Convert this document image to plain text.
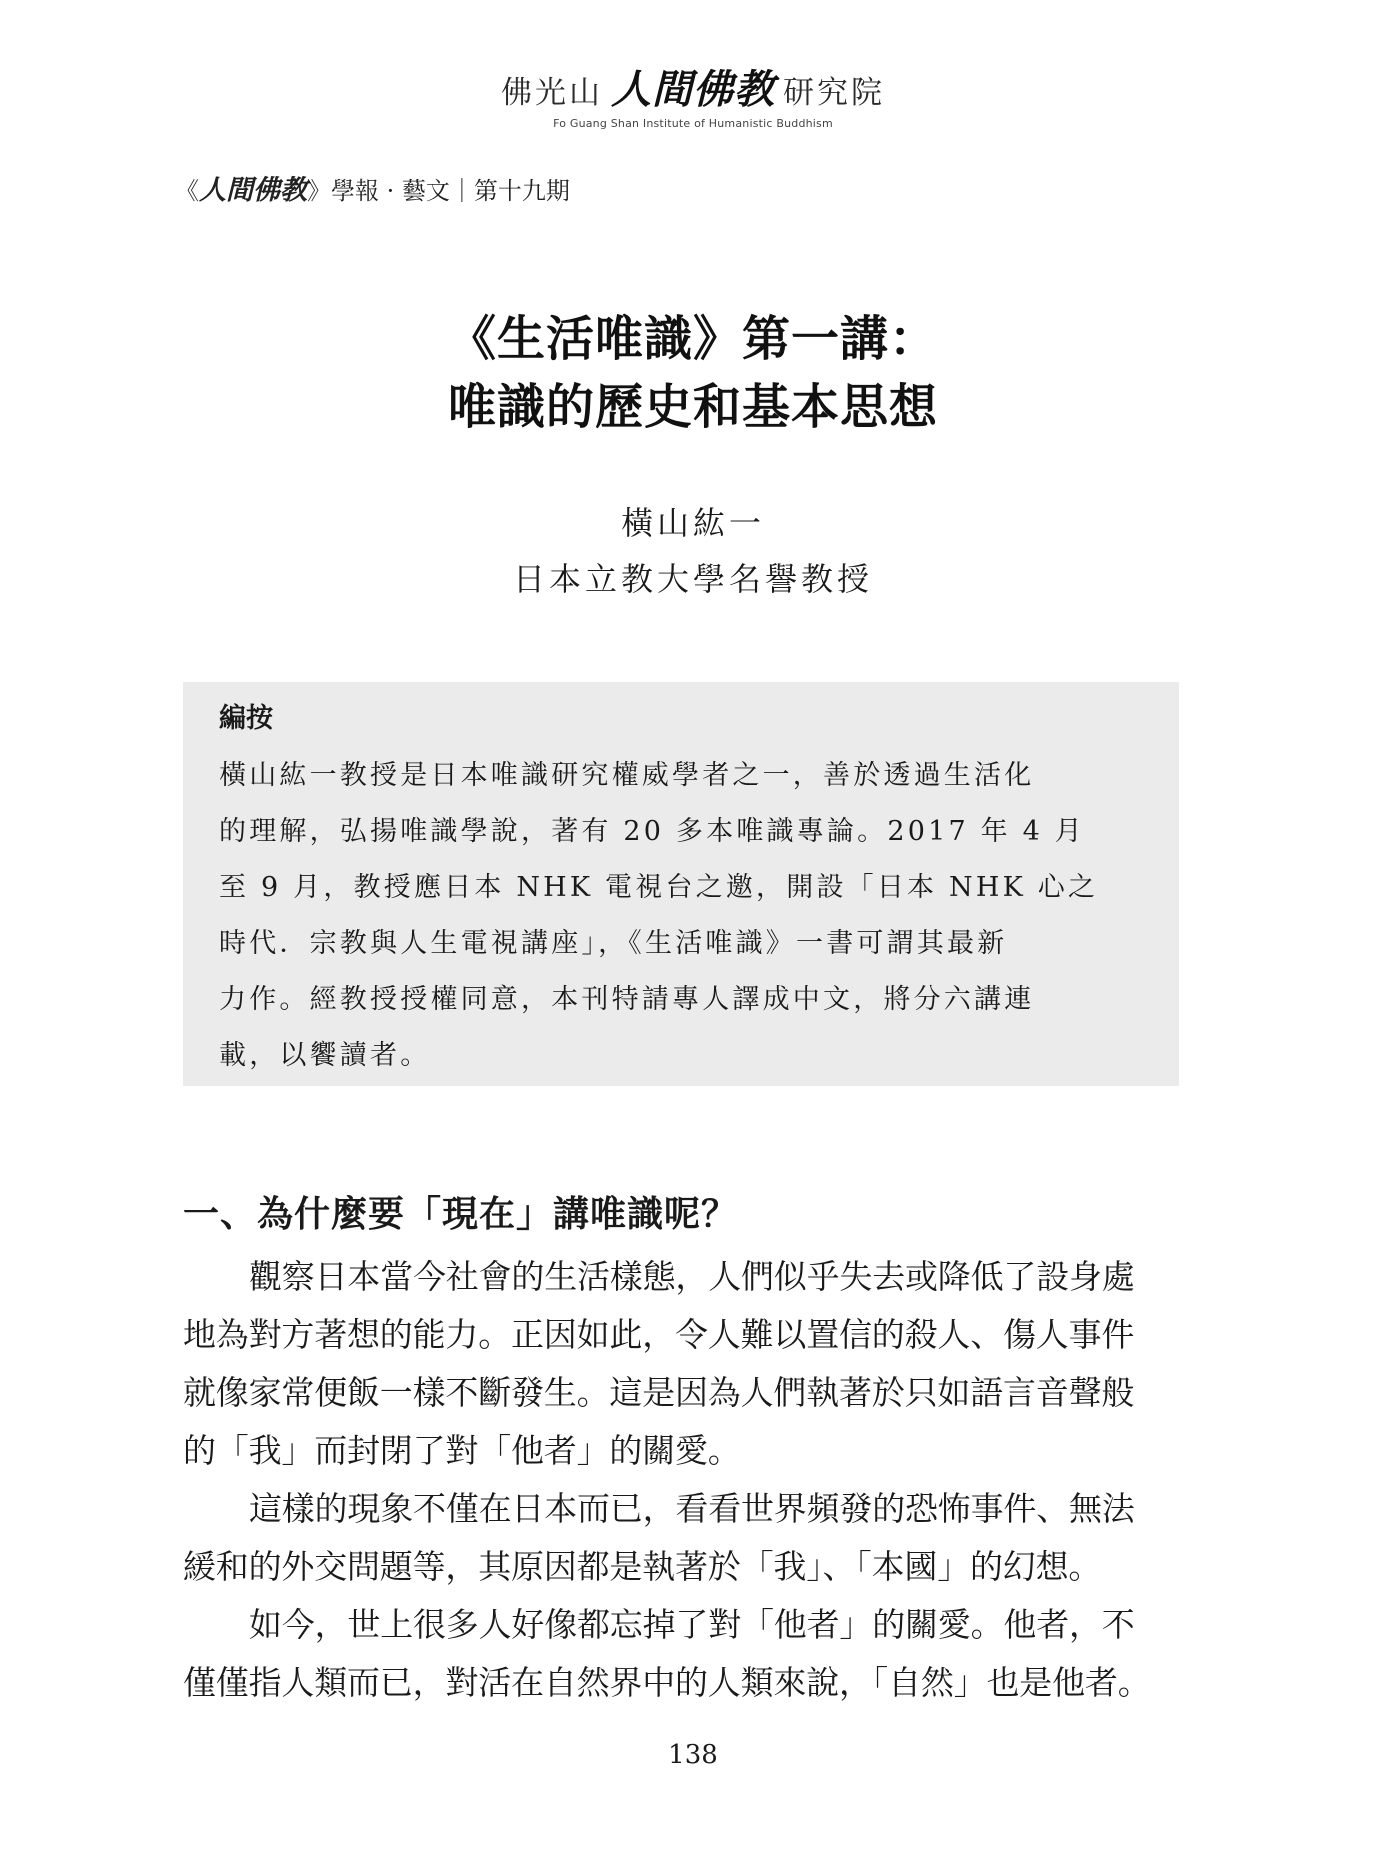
佛光山 人間佛教 研究院
Fo Guang Shan Institute of Humanistic Buddhism
《人間佛教》學報 · 藝文｜第十九期
《生活唯識》第一講：
唯識的歷史和基本思想
橫山紘一
日本立教大學名譽教授
編按
橫山紘一教授是日本唯識研究權威學者之一，善於透過生活化
的理解，弘揚唯識學說，著有 20 多本唯識專論。2017 年 4 月
至 9 月，教授應日本 NHK 電視台之邀，開設「日本 NHK 心之
時代．宗教與人生電視講座」，《生活唯識》一書可謂其最新
力作。經教授授權同意，本刊特請專人譯成中文，將分六講連
載，以饗讀者。
一、為什麼要「現在」講唯識呢？
觀察日本當今社會的生活樣態，人們似乎失去或降低了設身處
地為對方著想的能力。正因如此，令人難以置信的殺人、傷人事件
就像家常便飯一樣不斷發生。這是因為人們執著於只如語言音聲般
的「我」而封閉了對「他者」的關愛。
這樣的現象不僅在日本而已，看看世界頻發的恐怖事件、無法
緩和的外交問題等，其原因都是執著於「我」、「本國」的幻想。
如今，世上很多人好像都忘掉了對「他者」的關愛。他者，不
僅僅指人類而已，對活在自然界中的人類來說，「自然」也是他者。
138
